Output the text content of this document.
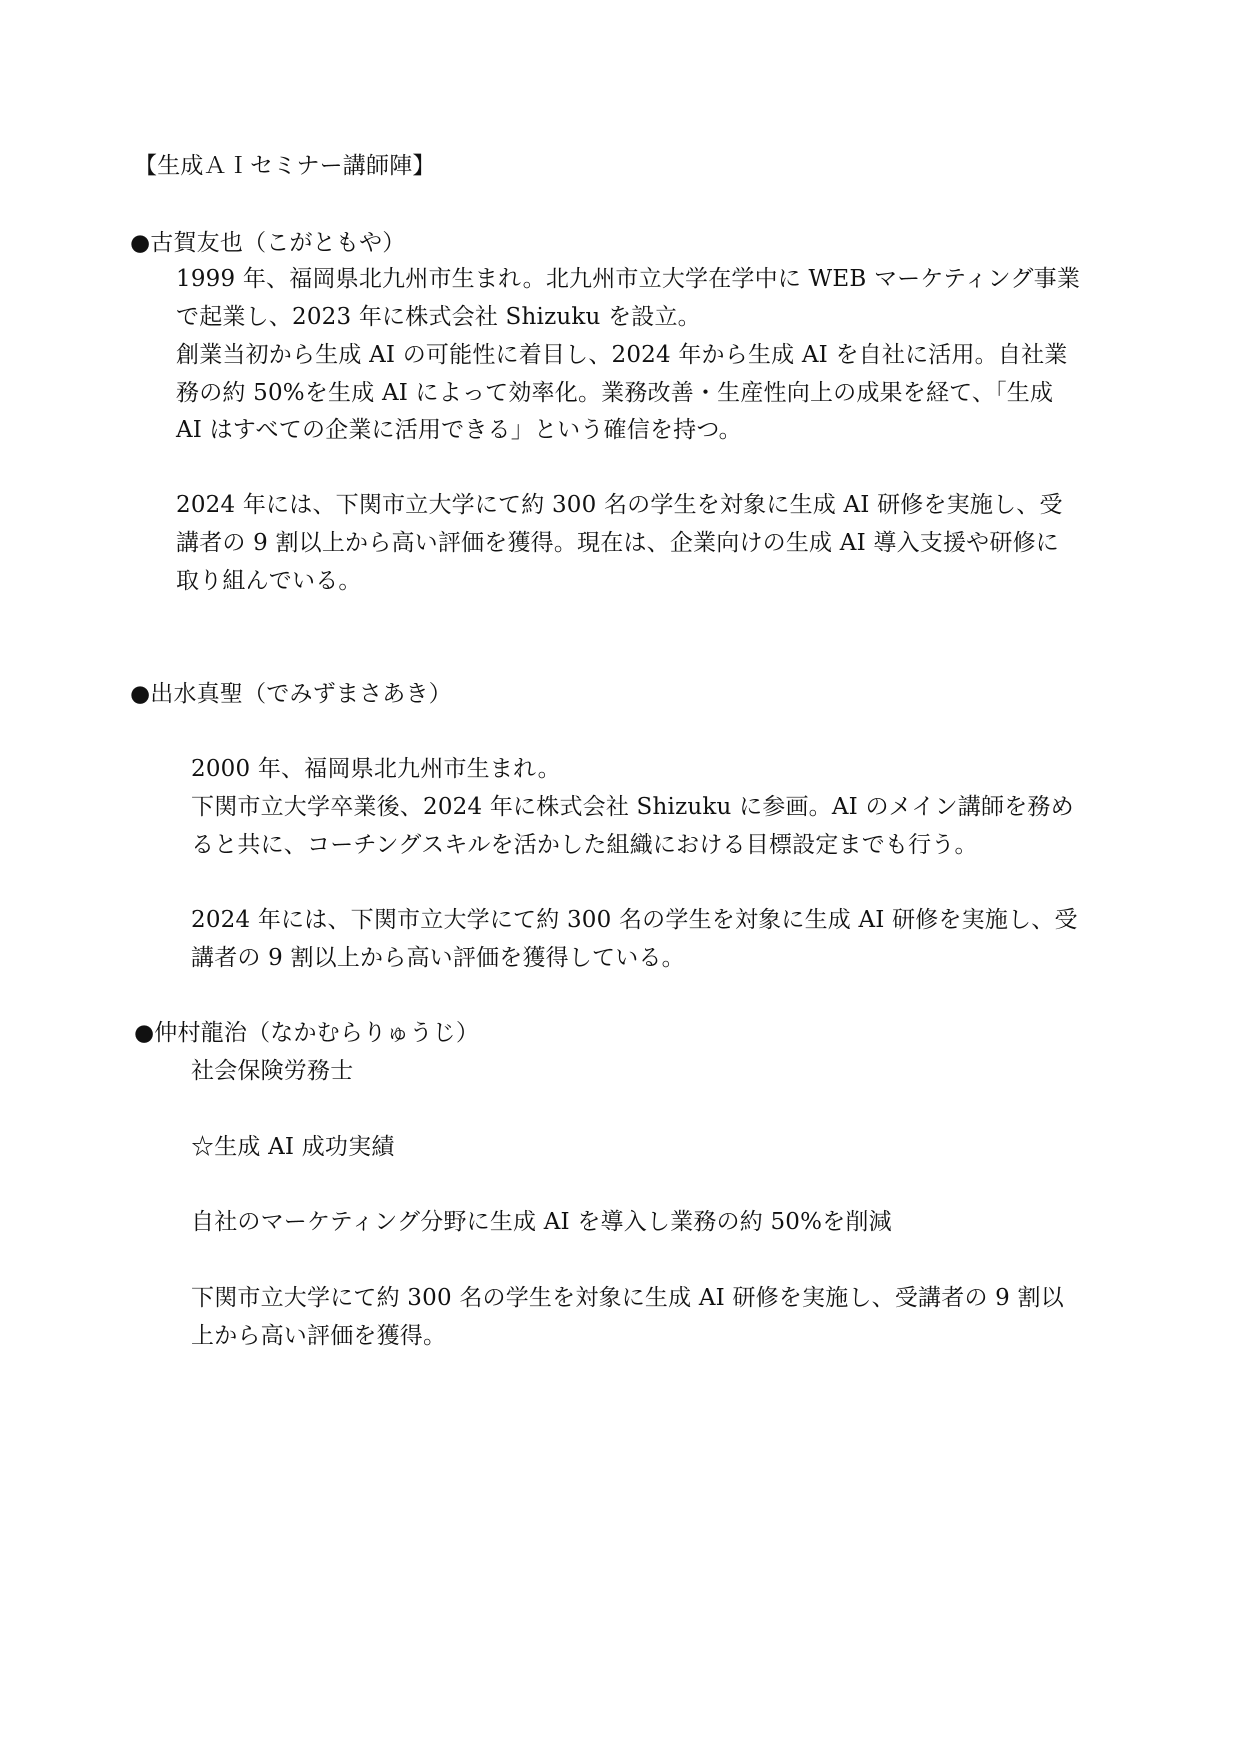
【生成ＡＩセミナー講師陣】
●古賀友也（こがともや）
1999 年、福岡県北九州市生まれ。北九州市立大学在学中に WEB マーケティング事業
で起業し、2023 年に株式会社 Shizuku を設立。
創業当初から生成 AI の可能性に着目し、2024 年から生成 AI を自社に活用。自社業
務の約 50%を生成 AI によって効率化。業務改善・生産性向上の成果を経て、「生成
AI はすべての企業に活用できる」という確信を持つ。
2024 年には、下関市立大学にて約 300 名の学生を対象に生成 AI 研修を実施し、受
講者の 9 割以上から高い評価を獲得。現在は、企業向けの生成 AI 導入支援や研修に
取り組んでいる。
●出水真聖（でみずまさあき）
2000 年、福岡県北九州市生まれ。
下関市立大学卒業後、2024 年に株式会社 Shizuku に参画。AI のメイン講師を務め
ると共に、コーチングスキルを活かした組織における目標設定までも行う。
2024 年には、下関市立大学にて約 300 名の学生を対象に生成 AI 研修を実施し、受
講者の 9 割以上から高い評価を獲得している。
●仲村龍治（なかむらりゅうじ）
社会保険労務士
☆生成 AI 成功実績
自社のマーケティング分野に生成 AI を導入し業務の約 50%を削減
下関市立大学にて約 300 名の学生を対象に生成 AI 研修を実施し、受講者の 9 割以
上から高い評価を獲得。
